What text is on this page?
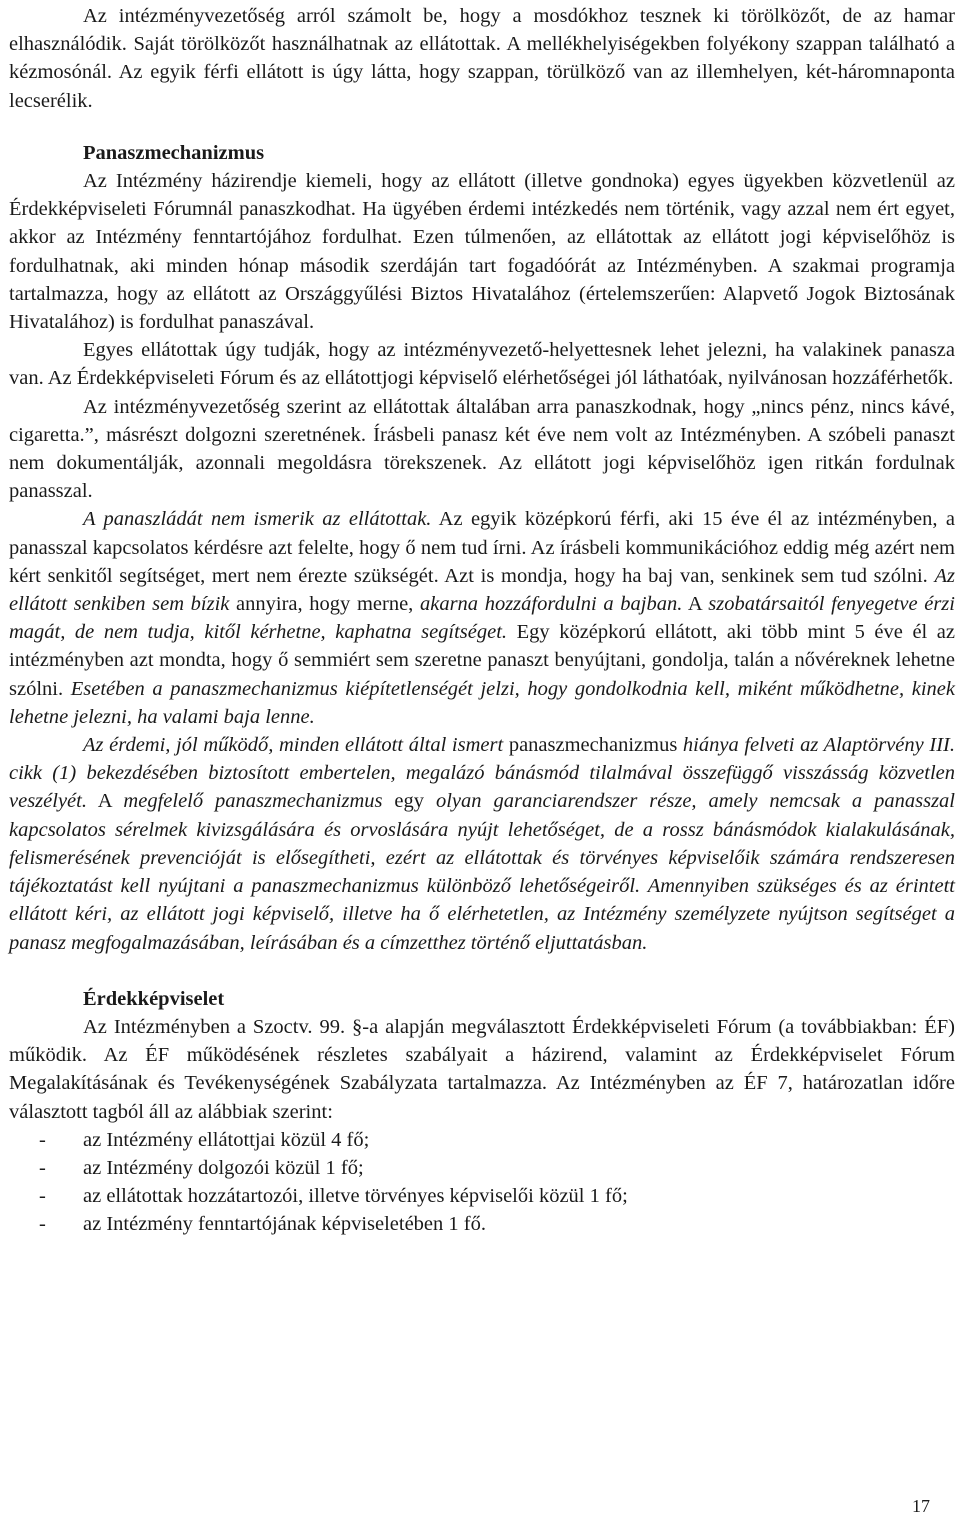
Az intézményvezetőség arról számolt be, hogy a mosdókhoz tesznek ki törölközőt, de az hamar elhasználódik. Saját törölközőt használhatnak az ellátottak. A mellékhelyiségekben folyékony szappan található a kézmosónál. Az egyik férfi ellátott is úgy látta, hogy szappan, törülköző van az illemhelyen, két-háromnaponta lecserélik.

Panaszmechanizmus

Az Intézmény házirendje kiemeli, hogy az ellátott (illetve gondnoka) egyes ügyekben közvetlenül az Érdekképviseleti Fórumnál panaszkodhat. Ha ügyében érdemi intézkedés nem történik, vagy azzal nem ért egyet, akkor az Intézmény fenntartójához fordulhat. Ezen túlmenően, az ellátottak az ellátott jogi képviselőhöz is fordulhatnak, aki minden hónap második szerdáján tart fogadóórát az Intézményben. A szakmai programja tartalmazza, hogy az ellátott az Országgyűlési Biztos Hivatalához (értelemszerűen: Alapvető Jogok Biztosának Hivatalához) is fordulhat panaszával.

Egyes ellátottak úgy tudják, hogy az intézményvezető-helyettesnek lehet jelezni, ha valakinek panasza van. Az Érdekképviseleti Fórum és az ellátottjogi képviselő elérhetőségei jól láthatóak, nyilvánosan hozzáférhetők.

Az intézményvezetőség szerint az ellátottak általában arra panaszkodnak, hogy „nincs pénz, nincs kávé, cigaretta.”, másrészt dolgozni szeretnének. Írásbeli panasz két éve nem volt az Intézményben. A szóbeli panaszt nem dokumentálják, azonnali megoldásra törekszenek. Az ellátott jogi képviselőhöz igen ritkán fordulnak panasszal.

A panaszládát nem ismerik az ellátottak. Az egyik középkorú férfi, aki 15 éve él az intézményben, a panasszal kapcsolatos kérdésre azt felelte, hogy ő nem tud írni. Az írásbeli kommunikációhoz eddig még azért nem kért senkitől segítséget, mert nem érezte szükségét. Azt is mondja, hogy ha baj van, senkinek sem tud szólni. Az ellátott senkiben sem bízik annyira, hogy merne, akarna hozzáfordulni a bajban. A szobatársaitól fenyegetve érzi magát, de nem tudja, kitől kérhetne, kaphatna segítséget. Egy középkorú ellátott, aki több mint 5 éve él az intézményben azt mondta, hogy ő semmiért sem szeretne panaszt benyújtani, gondolja, talán a nővéreknek lehetne szólni. Esetében a panaszmechanizmus kiépítetlenségét jelzi, hogy gondolkodnia kell, miként működhetne, kinek lehetne jelezni, ha valami baja lenne.

Az érdemi, jól működő, minden ellátott által ismert panaszmechanizmus hiánya felveti az Alaptörvény III. cikk (1) bekezdésében biztosított embertelen, megalázó bánásmód tilalmával összefüggő visszásság közvetlen veszélyét. A megfelelő panaszmechanizmus egy olyan garanciarendszer része, amely nemcsak a panasszal kapcsolatos sérelmek kivizsgálására és orvoslására nyújt lehetőséget, de a rossz bánásmódok kialakulásának, felismerésének prevencióját is elősegítheti, ezért az ellátottak és törvényes képviselőik számára rendszeresen tájékoztatást kell nyújtani a panaszmechanizmus különböző lehetőségeiről. Amennyiben szükséges és az érintett ellátott kéri, az ellátott jogi képviselő, illetve ha ő elérhetetlen, az Intézmény személyzete nyújtson segítséget a panasz megfogalmazásában, leírásában és a címzetthez történő eljuttatásban.

Érdekképviselet

Az Intézményben a Szoctv. 99. §-a alapján megválasztott Érdekképviseleti Fórum (a továbbiakban: ÉF) működik. Az ÉF működésének részletes szabályait a házirend, valamint az Érdekképviselet Fórum Megalakításának és Tevékenységének Szabályzata tartalmazza. Az Intézményben az ÉF 7, határozatlan időre választott tagból áll az alábbiak szerint:

- az Intézmény ellátottjai közül 4 fő;
- az Intézmény dolgozói közül 1 fő;
- az ellátottak hozzátartozói, illetve törvényes képviselői közül 1 fő;
- az Intézmény fenntartójának képviseletében 1 fő.
17
